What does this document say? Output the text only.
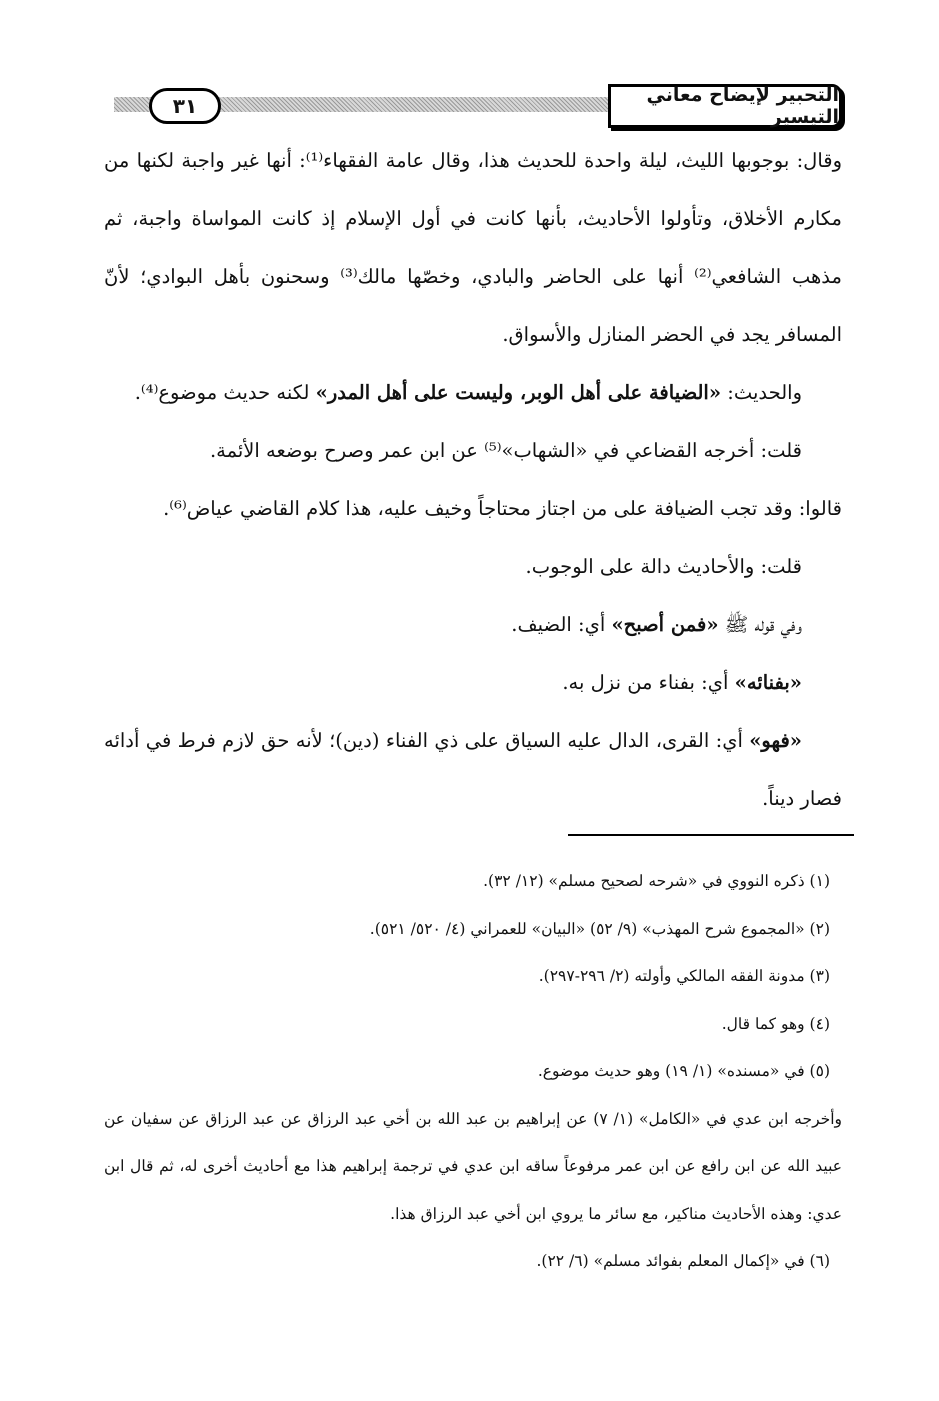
٣١	التحبير لإيضاح معاني التيسير

وقال: بوجوبها الليث، ليلة واحدة للحديث هذا، وقال عامة الفقهاء⁽¹⁾: أنها غير واجبة لكنها من مكارم الأخلاق، وتأولوا الأحاديث، بأنها كانت في أول الإسلام إذ كانت المواساة واجبة، ثم مذهب الشافعي⁽²⁾ أنها على الحاضر والبادي، وخصّها مالك⁽³⁾ وسحنون بأهل البوادي؛ لأنّ المسافر يجد في الحضر المنازل والأسواق.

والحديث: «الضيافة على أهل الوبر، وليست على أهل المدر» لكنه حديث موضوع⁽⁴⁾.

قلت: أخرجه القضاعي في «الشهاب»⁽⁵⁾ عن ابن عمر وصرح بوضعه الأئمة.

قالوا: وقد تجب الضيافة على من اجتاز محتاجاً وخيف عليه، هذا كلام القاضي عياض⁽⁶⁾.

قلت: والأحاديث دالة على الوجوب.

وفي قوله ﷺ «فمن أصبح» أي: الضيف.

«بفنائه» أي: بفناء من نزل به.

«فهو» أي: القرى، الدال عليه السياق على ذي الفناء (دين)؛ لأنه حق لازم فرط في أدائه فصار ديناً.

(١) ذكره النووي في «شرحه لصحيح مسلم» (١٢/ ٣٢).

(٢) «المجموع شرح المهذب» (٩/ ٥٢) «البيان» للعمراني (٤/ ٥٢٠/ ٥٢١).

(٣) مدونة الفقه المالكي وأولته (٢/ ٢٩٦-٢٩٧).

(٤) وهو كما قال.

(٥) في «مسنده» (١/ ١٩) وهو حديث موضوع.

وأخرجه ابن عدي في «الكامل» (١/ ٧) عن إبراهيم بن عبد الله بن أخي عبد الرزاق عن عبد الرزاق عن سفيان عن عبيد الله عن ابن رافع عن ابن عمر مرفوعاً ساقه ابن عدي في ترجمة إبراهيم هذا مع أحاديث أخرى له، ثم قال ابن عدي: وهذه الأحاديث مناكير، مع سائر ما يروي ابن أخي عبد الرزاق هذا.

(٦) في «إكمال المعلم بفوائد مسلم» (٦/ ٢٢).
